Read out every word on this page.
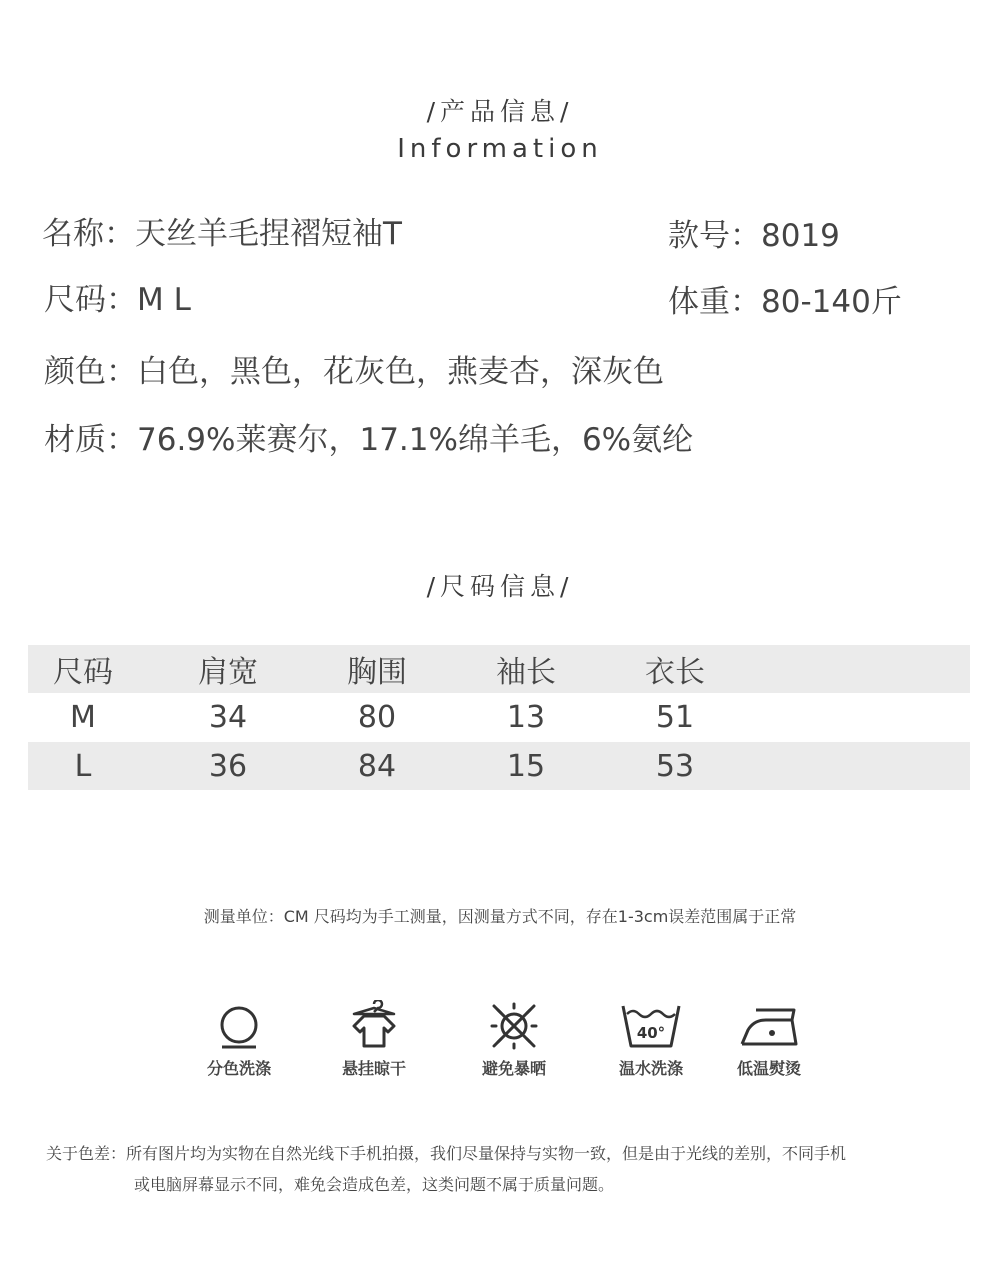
/产品信息/
Information
名称：天丝羊毛捏褶短袖T	款号：8019
尺码：M L	体重：80-140斤
颜色：白色，黑色，花灰色，燕麦杏，深灰色
材质：76.9%莱赛尔，17.1%绵羊毛，6%氨纶
/尺码信息/
尺码	肩宽	胸围	袖长	衣长
M	34	80	13	51
L	36	84	15	53
测量单位：CM 尺码均为手工测量，因测量方式不同，存在1-3cm误差范围属于正常
分色洗涤	悬挂晾干	避免暴晒
40°
温水洗涤	低温熨烫
关于色差：所有图片均为实物在自然光线下手机拍摄，我们尽量保持与实物一致，但是由于光线的差别，不同手机
或电脑屏幕显示不同，难免会造成色差，这类问题不属于质量问题。
